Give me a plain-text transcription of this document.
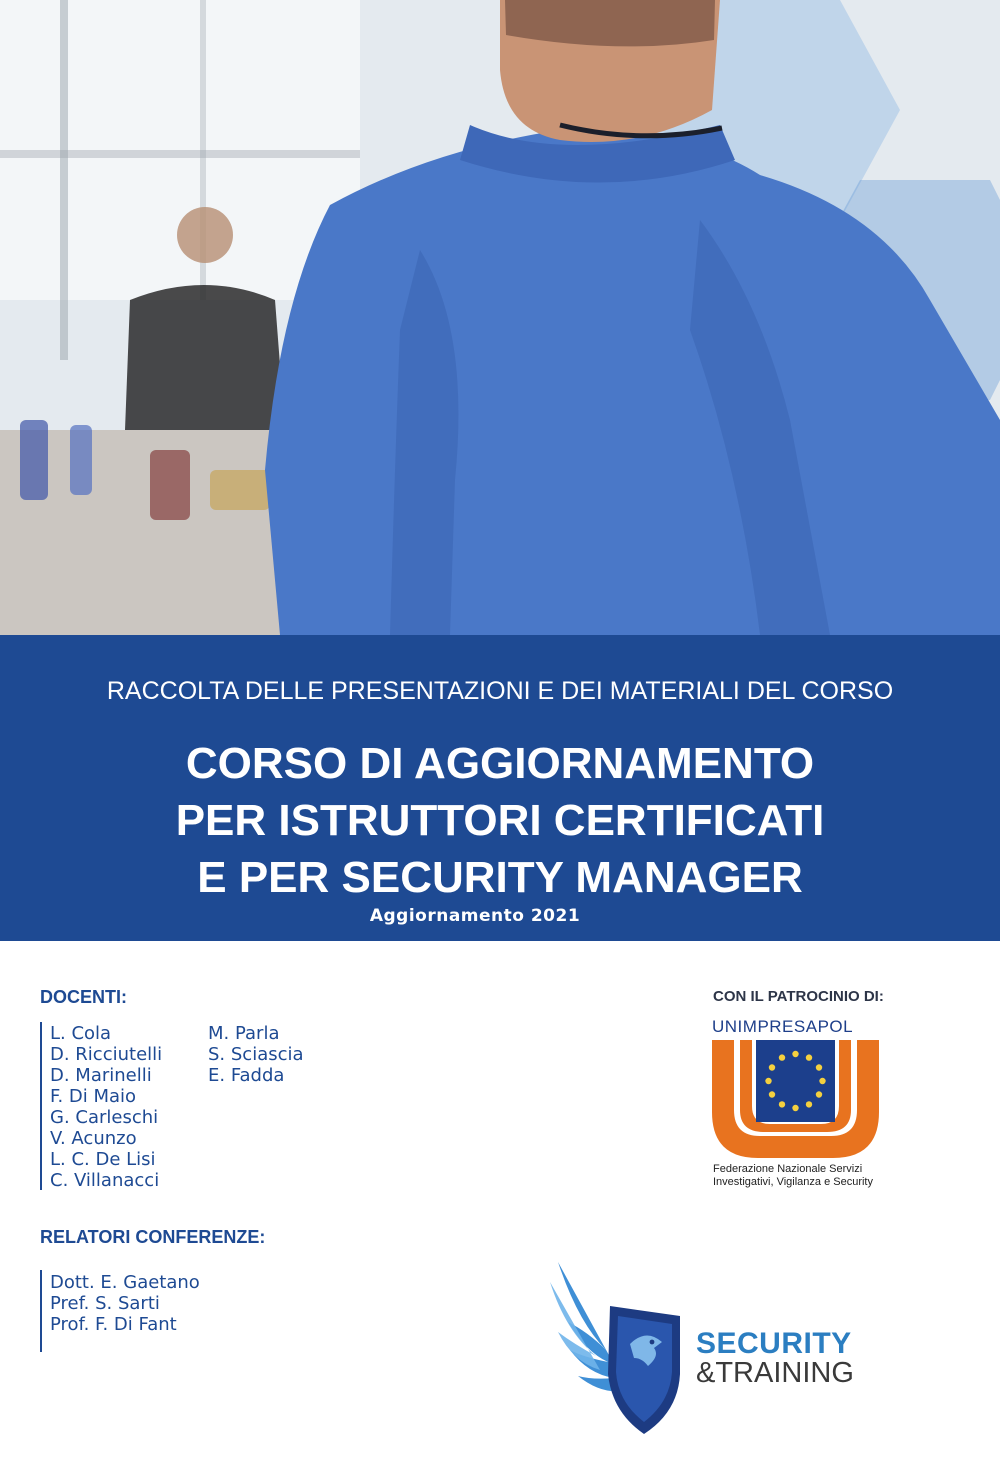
RACCOLTA DELLE PRESENTAZIONI E DEI MATERIALI DEL CORSO
CORSO DI AGGIORNAMENTO
PER ISTRUTTORI CERTIFICATI
E PER SECURITY MANAGER
Aggiornamento 2021
DOCENTI:
L. Cola
D. Ricciutelli
D. Marinelli
F. Di Maio
G. Carleschi
V. Acunzo
L. C. De Lisi
C. Villanacci
M. Parla
S. Sciascia
E. Fadda
RELATORI CONFERENZE:
Dott. E. Gaetano
Pref. S. Sarti
Prof. F. Di Fant
CON IL PATROCINIO DI:
UNIMPRESAPOL
Federazione Nazionale Servizi
Investigativi, Vigilanza e Security
SECURITY
&TRAINING
